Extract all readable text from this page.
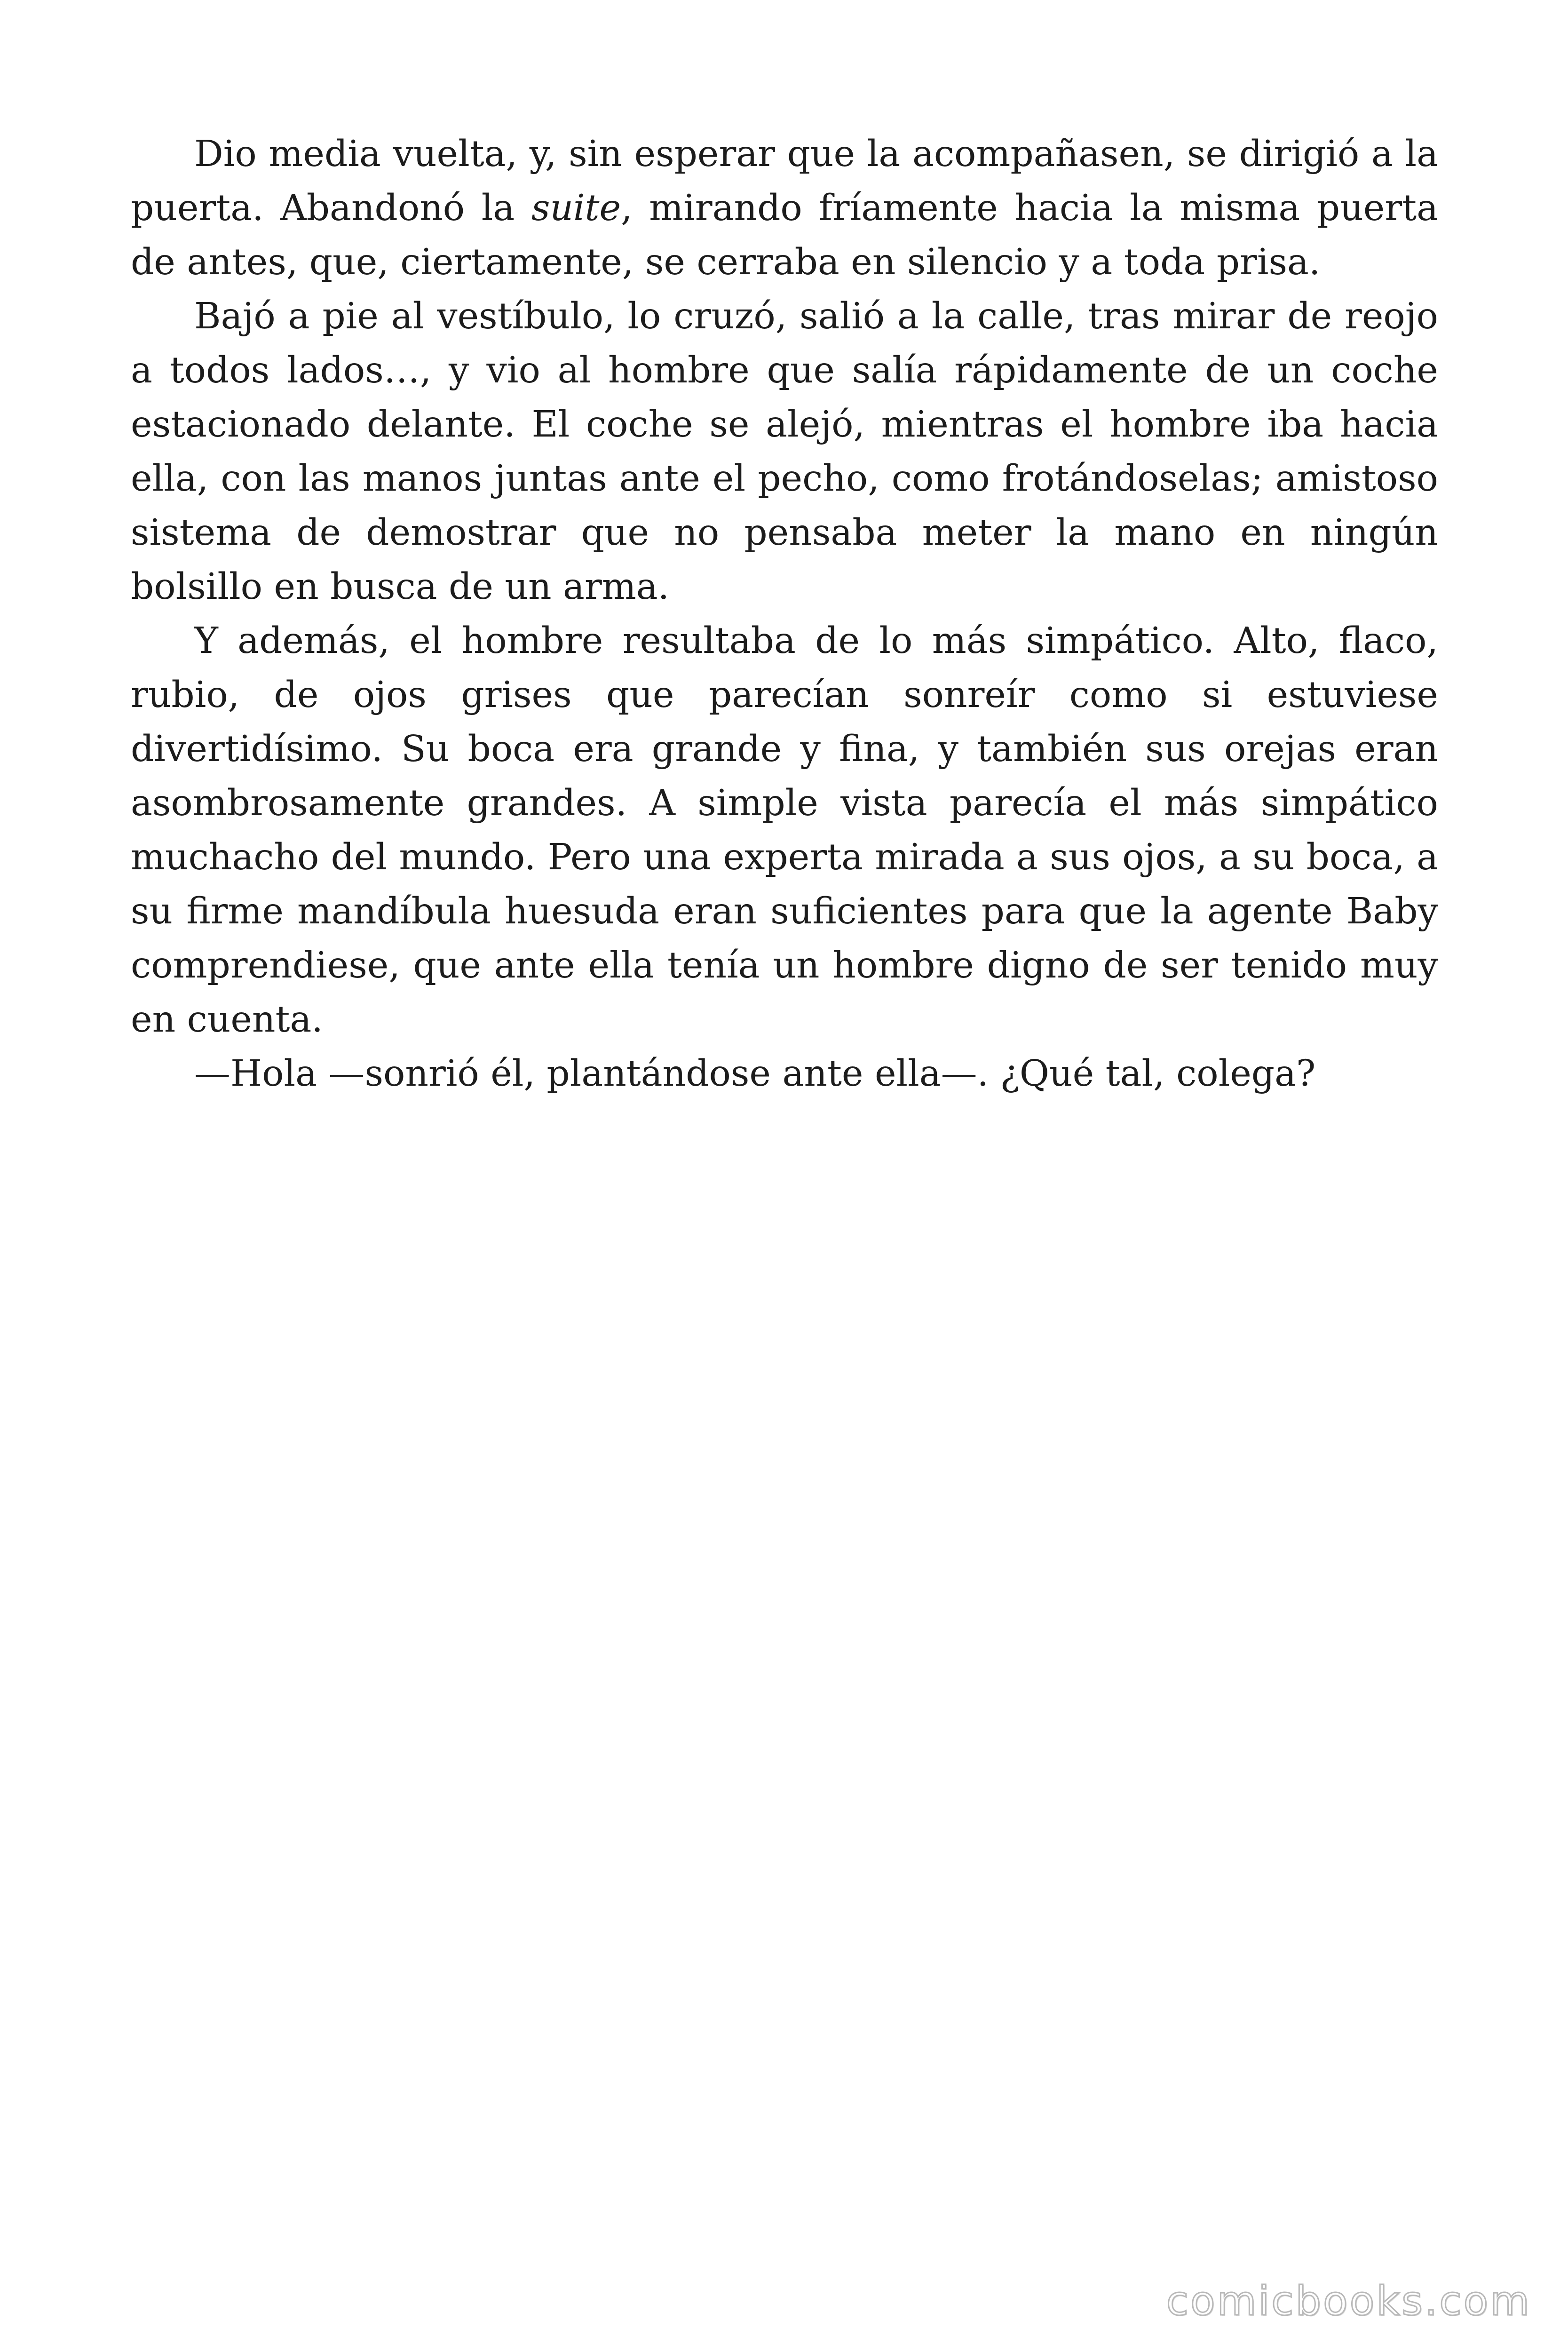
Dio media vuelta, y, sin esperar que la acompañasen, se dirigió a la puerta. Abandonó la suite, mirando fríamente hacia la misma puerta de antes, que, ciertamente, se cerraba en silencio y a toda prisa.

Bajó a pie al vestíbulo, lo cruzó, salió a la calle, tras mirar de reojo a todos lados…, y vio al hombre que salía rápidamente de un coche estacionado delante. El coche se alejó, mientras el hombre iba hacia ella, con las manos juntas ante el pecho, como frotándoselas; amistoso sistema de demostrar que no pensaba meter la mano en ningún bolsillo en busca de un arma.

Y además, el hombre resultaba de lo más simpático. Alto, flaco, rubio, de ojos grises que parecían sonreír como si estuviese divertidísimo. Su boca era grande y fina, y también sus orejas eran asombrosamente grandes. A simple vista parecía el más simpático muchacho del mundo. Pero una experta mirada a sus ojos, a su boca, a su firme mandíbula huesuda eran suficientes para que la agente Baby comprendiese, que ante ella tenía un hombre digno de ser tenido muy en cuenta.

—Hola —sonrió él, plantándose ante ella—. ¿Qué tal, colega?

comicbooks.com
